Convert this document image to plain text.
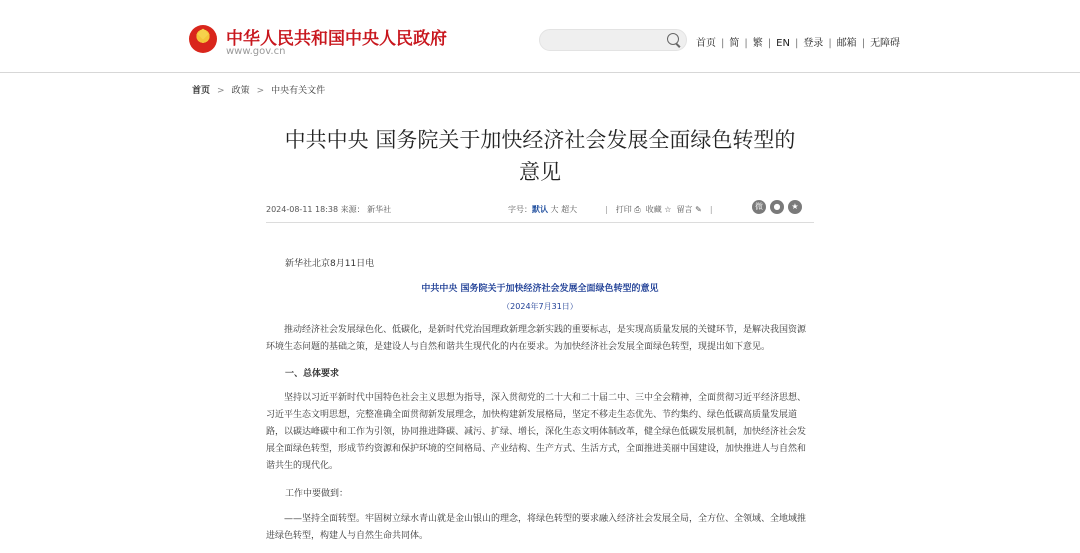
中华人民共和国中央人民政府
www.gov.cn
首页 | 简 | 繁 | EN | 登录 | 邮箱 | 无障碍
首页 > 政策 > 中央有关文件
中共中央 国务院关于加快经济社会发展全面绿色转型的
意见
2024-08-11 18:38 来源： 新华社	字号：默认 大 超大	| 打印 ⎙ 收藏 ☆ 留言 ✎ |	微	●	★
新华社北京8月11日电
中共中央 国务院关于加快经济社会发展全面绿色转型的意见
（2024年7月31日）
推动经济社会发展绿色化、低碳化，是新时代党治国理政新理念新实践的重要标志，是实现高质量发展的关键环节，是解决我国资源环境生态问题的基础之策，是建设人与自然和谐共生现代化的内在要求。为加快经济社会发展全面绿色转型，现提出如下意见。
一、总体要求
坚持以习近平新时代中国特色社会主义思想为指导，深入贯彻党的二十大和二十届二中、三中全会精神，全面贯彻习近平经济思想、习近平生态文明思想，完整准确全面贯彻新发展理念，加快构建新发展格局，坚定不移走生态优先、节约集约、绿色低碳高质量发展道路，以碳达峰碳中和工作为引领，协同推进降碳、减污、扩绿、增长，深化生态文明体制改革，健全绿色低碳发展机制，加快经济社会发展全面绿色转型，形成节约资源和保护环境的空间格局、产业结构、生产方式、生活方式，全面推进美丽中国建设，加快推进人与自然和谐共生的现代化。
工作中要做到：
——坚持全面转型。牢固树立绿水青山就是金山银山的理念，将绿色转型的要求融入经济社会发展全局，全方位、全领域、全地域推进绿色转型，构建人与自然生命共同体。
